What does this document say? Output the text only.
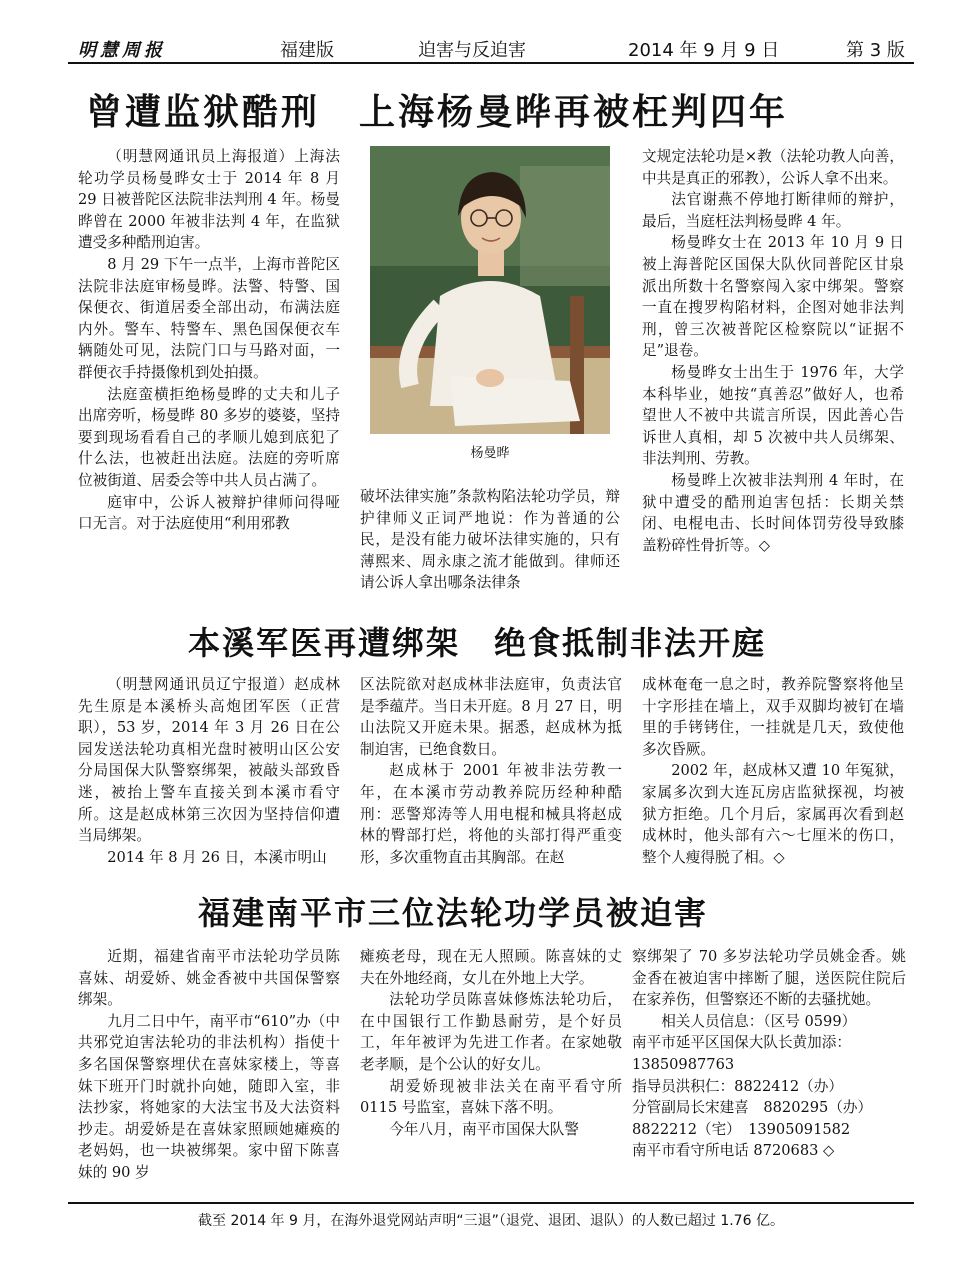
明慧周报	福建版	迫害与反迫害	2014 年 9 月 9 日	第 3 版
曾遭监狱酷刑　上海杨曼晔再被枉判四年

（明慧网通讯员上海报道）上海法轮功学员杨曼晔女士于 2014 年 8 月 29 日被普陀区法院非法判刑 4 年。杨曼晔曾在 2000 年被非法判 4 年，在监狱遭受多种酷刑迫害。

8 月 29 下午一点半，上海市普陀区法院非法庭审杨曼晔。法警、特警、国保便衣、街道居委全部出动，布满法庭内外。警车、特警车、黑色国保便衣车辆随处可见，法院门口与马路对面，一群便衣手持摄像机到处拍摄。

法庭蛮横拒绝杨曼晔的丈夫和儿子出席旁听，杨曼晔 80 多岁的婆婆，坚持要到现场看看自己的孝顺儿媳到底犯了什么法，也被赶出法庭。法庭的旁听席位被街道、居委会等中共人员占满了。

庭审中，公诉人被辩护律师问得哑口无言。对于法庭使用“利用邪教

杨曼晔

破坏法律实施”条款构陷法轮功学员，辩护律师义正词严地说：作为普通的公民，是没有能力破坏法律实施的，只有薄熙来、周永康之流才能做到。律师还请公诉人拿出哪条法律条

文规定法轮功是×教（法轮功教人向善，中共是真正的邪教），公诉人拿不出来。

法官谢燕不停地打断律师的辩护，最后，当庭枉法判杨曼晔 4 年。

杨曼晔女士在 2013 年 10 月 9 日被上海普陀区国保大队伙同普陀区甘泉派出所数十名警察闯入家中绑架。警察一直在搜罗构陷材料，企图对她非法判刑，曾三次被普陀区检察院以“证据不足”退卷。

杨曼晔女士出生于 1976 年，大学本科毕业，她按“真善忍”做好人，也希望世人不被中共谎言所误，因此善心告诉世人真相，却 5 次被中共人员绑架、非法判刑、劳教。

杨曼晔上次被非法判刑 4 年时，在狱中遭受的酷刑迫害包括：长期关禁闭、电棍电击、长时间体罚劳役导致膝盖粉碎性骨折等。◇

本溪军医再遭绑架　绝食抵制非法开庭

（明慧网通讯员辽宁报道）赵成林先生原是本溪桥头高炮团军医（正营职），53 岁，2014 年 3 月 26 日在公园发送法轮功真相光盘时被明山区公安分局国保大队警察绑架，被敲头部致昏迷，被抬上警车直接关到本溪市看守所。这是赵成林第三次因为坚持信仰遭当局绑架。

2014 年 8 月 26 日，本溪市明山

区法院欲对赵成林非法庭审，负责法官是季蕴芹。当日未开庭。8 月 27 日，明山法院又开庭未果。据悉，赵成林为抵制迫害，已绝食数日。

赵成林于 2001 年被非法劳教一年，在本溪市劳动教养院历经种种酷刑：恶警郑涛等人用电棍和械具将赵成林的臀部打烂，将他的头部打得严重变形，多次重物直击其胸部。在赵

成林奄奄一息之时，教养院警察将他呈十字形挂在墙上，双手双脚均被钉在墙里的手铐铐住，一挂就是几天，致使他多次昏厥。

2002 年，赵成林又遭 10 年冤狱，家属多次到大连瓦房店监狱探视，均被狱方拒绝。几个月后，家属再次看到赵成林时，他头部有六～七厘米的伤口，整个人瘦得脱了相。◇

福建南平市三位法轮功学员被迫害

近期，福建省南平市法轮功学员陈喜妹、胡爱娇、姚金香被中共国保警察绑架。

九月二日中午，南平市“610”办（中共邪党迫害法轮功的非法机构）指使十多名国保警察埋伏在喜妹家楼上，等喜妹下班开门时就扑向她，随即入室，非法抄家，将她家的大法宝书及大法资料抄走。胡爱娇是在喜妹家照顾她瘫痪的老妈妈，也一块被绑架。家中留下陈喜妹的 90 岁

瘫痪老母，现在无人照顾。陈喜妹的丈夫在外地经商，女儿在外地上大学。

法轮功学员陈喜妹修炼法轮功后，在中国银行工作勤恳耐劳，是个好员工，年年被评为先进工作者。在家她敬老孝顺，是个公认的好女儿。

胡爱娇现被非法关在南平看守所 0115 号监室，喜妹下落不明。

今年八月，南平市国保大队警

察绑架了 70 多岁法轮功学员姚金香。姚金香在被迫害中摔断了腿，送医院住院后在家养伤，但警察还不断的去骚扰她。

相关人员信息：（区号 0599）

南平市延平区国保大队长黄加添：

13850987763

指导员洪积仁：8822412（办）

分管副局长宋建喜　8820295（办）

8822212（宅）　13905091582

南平市看守所电话 8720683 ◇

截至 2014 年 9 月，在海外退党网站声明“三退”（退党、退团、退队）的人数已超过 1.76 亿。
